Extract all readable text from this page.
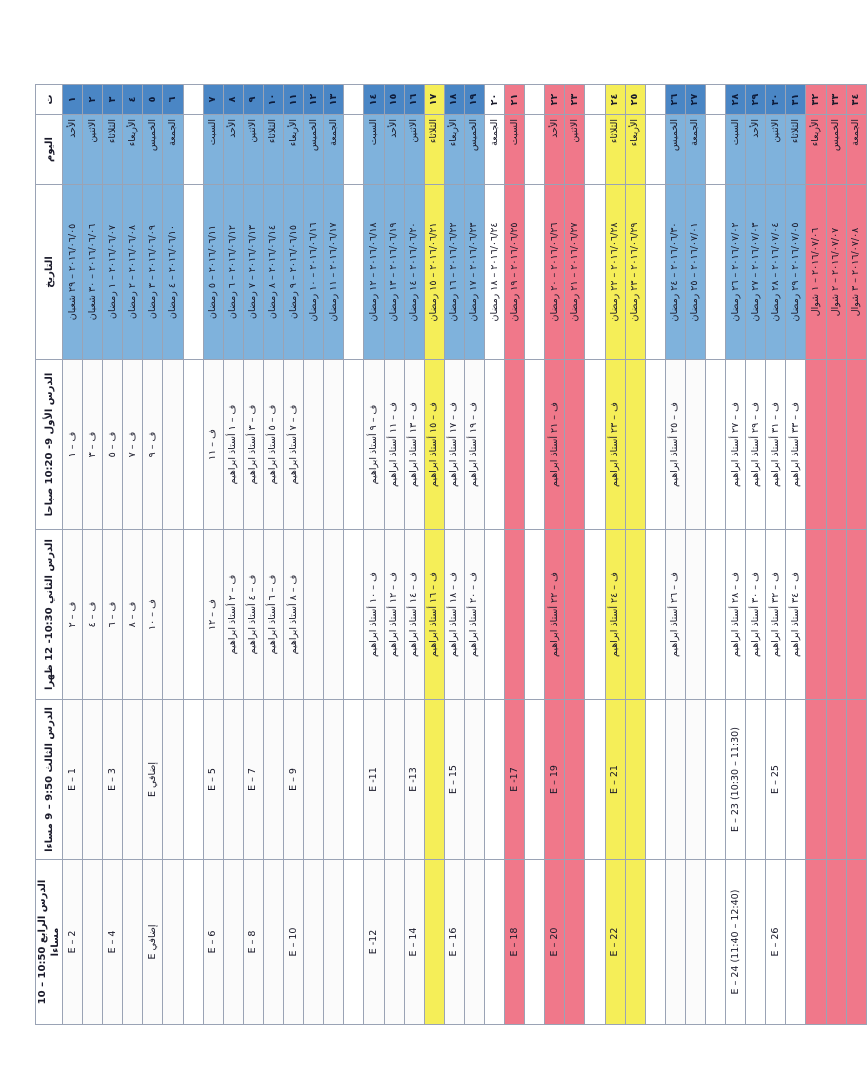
ت	اليوم	التاريخ	الدرس الأول 9- 10:20 صباحا	الدرس الثاني 10:30- 12 ظهرا	الدرس الثالث 9:50 – 9 مساءا	الدرس الرابع 10:50 – 10 مساءا
١	الأحد	٢٠١٦/٠٦/٠٥ – ٢٩ شعبان	ف – ١	ف – ٢	E – 1	E – 2
٢	الاثنين	٢٠١٦/٠٦/٠٦ – ٣٠ شعبان	ف – ٣	ف – ٤		
٣	الثلاثاء	٢٠١٦/٠٦/٠٧ – ١ رمضان	ف – ٥	ف – ٦	E – 3	E – 4
٤	الأربعاء	٢٠١٦/٠٦/٠٨ – ٢ رمضان	ف – ٧	ف – ٨		
٥	الخميس	٢٠١٦/٠٦/٠٩ – ٣ رمضان	ف – ٩	ف – ١٠	E إضافي	E إضافي
٦	الجمعة	٢٠١٦/٠٦/١٠ – ٤ رمضان				

٧	السبت	٢٠١٦/٠٦/١١ – ٥ رمضان	ف – ١١	ف – ١٢	E – 5	E – 6
٨	الأحد	٢٠١٦/٠٦/١٢ – ٦ رمضان	ف – ١ أستاذ ابراهيم	ف – ٢ أستاذ ابراهيم		
٩	الاثنين	٢٠١٦/٠٦/١٣ – ٧ رمضان	ف – ٣ أستاذ ابراهيم	ف – ٤ أستاذ ابراهيم	E – 7	E – 8
١٠	الثلاثاء	٢٠١٦/٠٦/١٤ – ٨ رمضان	ف – ٥ أستاذ ابراهيم	ف – ٦ أستاذ ابراهيم		
١١	الأربعاء	٢٠١٦/٠٦/١٥ – ٩ رمضان	ف – ٧ أستاذ ابراهيم	ف – ٨ أستاذ ابراهيم	E – 9	E – 10
١٢	الخميس	٢٠١٦/٠٦/١٦ – ١٠ رمضان				
١٣	الجمعة	٢٠١٦/٠٦/١٧ – ١١ رمضان				

١٤	السبت	٢٠١٦/٠٦/١٨ – ١٢ رمضان	ف – ٩ أستاذ ابراهيم	ف – ١٠ أستاذ ابراهيم	E -11	E -12
١٥	الأحد	٢٠١٦/٠٦/١٩ – ١٣ رمضان	ف – ١١ أستاذ ابراهيم	ف – ١٢ أستاذ ابراهيم		
١٦	الاثنين	٢٠١٦/٠٦/٢٠ – ١٤ رمضان	ف – ١٣ أستاذ ابراهيم	ف – ١٤ أستاذ ابراهيم	E -13	E – 14
١٧	الثلاثاء	٢٠١٦/٠٦/٢١ – ١٥ رمضان	ف – ١٥ أستاذ ابراهيم	ف – ١٦ أستاذ ابراهيم		
١٨	الأربعاء	٢٠١٦/٠٦/٢٢ – ١٦ رمضان	ف – ١٧ أستاذ ابراهيم	ف – ١٨ أستاذ ابراهيم	E – 15	E – 16
١٩	الخميس	٢٠١٦/٠٦/٢٣ – ١٧ رمضان	ف – ١٩ أستاذ ابراهيم	ف – ٢٠ أستاذ ابراهيم		
٢٠	الجمعة	٢٠١٦/٠٦/٢٤ – ١٨ رمضان				
٢١	السبت	٢٠١٦/٠٦/٢٥ – ١٩ رمضان			E -17	E – 18

٢٢	الأحد	٢٠١٦/٠٦/٢٦ – ٢٠ رمضان	ف – ٢١ أستاذ ابراهيم	ف – ٢٢ أستاذ ابراهيم	E – 19	E – 20
٢٣	الاثنين	٢٠١٦/٠٦/٢٧ – ٢١ رمضان				

٢٤	الثلاثاء	٢٠١٦/٠٦/٢٨ – ٢٢ رمضان	ف – ٢٣ أستاذ ابراهيم	ف – ٢٤ أستاذ ابراهيم	E – 21	E – 22
٢٥	الأربعاء	٢٠١٦/٠٦/٢٩ – ٢٣ رمضان				

٢٦	الخميس	٢٠١٦/٠٦/٣٠ – ٢٤ رمضان	ف – ٢٥ أستاذ ابراهيم	ف – ٢٦ أستاذ ابراهيم		
٢٧	الجمعة	٢٠١٦/٠٧/٠١ – ٢٥ رمضان				

٢٨	السبت	٢٠١٦/٠٧/٠٢ – ٢٦ رمضان	ف – ٢٧ أستاذ ابراهيم	ف – ٢٨ أستاذ ابراهيم	E – 23 (10:30 – 11:30)	E – 24 (11:40 – 12:40)
٢٩	الأحد	٢٠١٦/٠٧/٠٣ – ٢٧ رمضان	ف – ٢٩ أستاذ ابراهيم	ف – ٣٠ أستاذ ابراهيم		
٣٠	الاثنين	٢٠١٦/٠٧/٠٤ – ٢٨ رمضان	ف – ٣١ أستاذ ابراهيم	ف – ٣٢ أستاذ ابراهيم	E – 25	E – 26
٣١	الثلاثاء	٢٠١٦/٠٧/٠٥ – ٢٩ رمضان	ف – ٣٣ أستاذ ابراهيم	ف – ٣٤ أستاذ ابراهيم		
٣٢	الأربعاء	٢٠١٦/٠٧/٠٦ – ١ شوال				
٣٣	الخميس	٢٠١٦/٠٧/٠٧ – ٢ شوال				
٣٤	الجمعة	٢٠١٦/٠٧/٠٨ – ٣ شوال				
